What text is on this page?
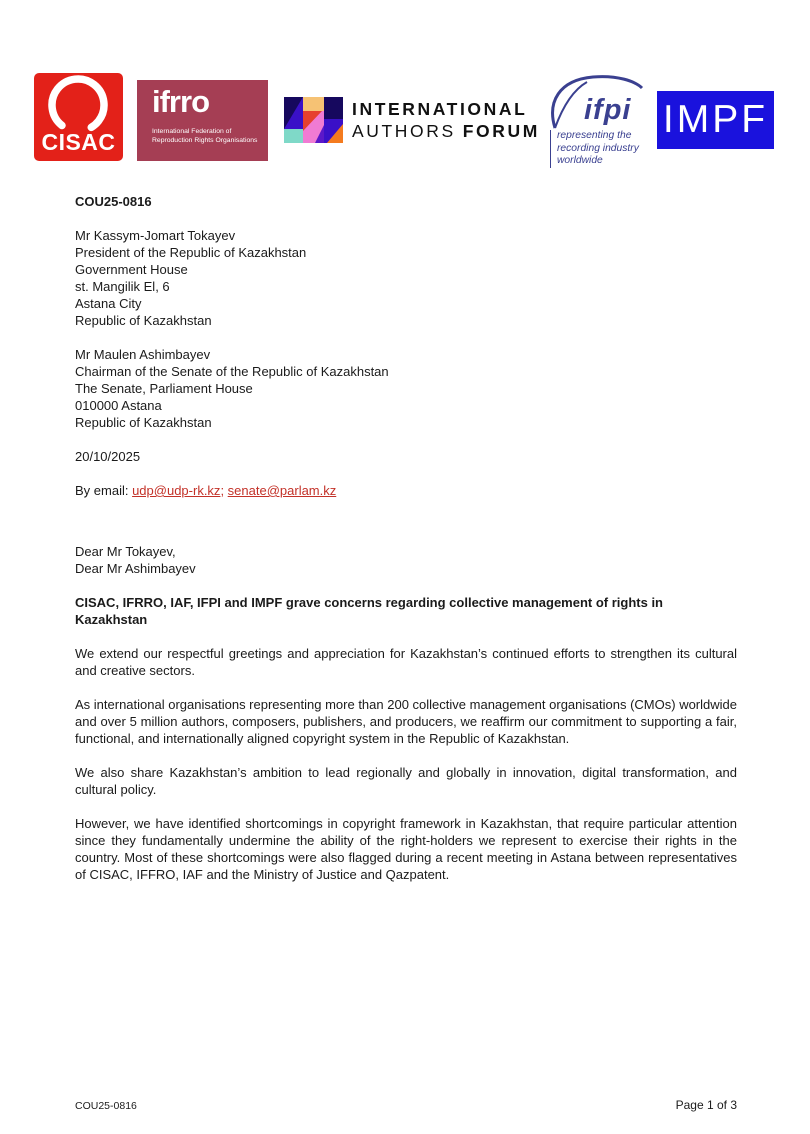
CISAC
ifrro
International Federation of
Reproduction Rights Organisations
INTERNATIONAL
AUTHORS FORUM
ifpi
representing the
recording industry
worldwide
IMPF
COU25-0816
Mr Kassym-Jomart Tokayev
President of the Republic of Kazakhstan
Government House
st. Mangilik El, 6
Astana City
Republic of Kazakhstan
Mr Maulen Ashimbayev
Chairman of the Senate of the Republic of Kazakhstan
The Senate, Parliament House
010000 Astana
Republic of Kazakhstan
20/10/2025
By email: udp@udp-rk.kz; senate@parlam.kz
Dear Mr Tokayev,
Dear Mr Ashimbayev
CISAC, IFRRO, IAF, IFPI and IMPF grave concerns regarding collective management of rights in Kazakhstan

We extend our respectful greetings and appreciation for Kazakhstan’s continued efforts to strengthen its cultural and creative sectors.

As international organisations representing more than 200 collective management organisations (CMOs) worldwide and over 5 million authors, composers, publishers, and producers, we reaffirm our commitment to supporting a fair, functional, and internationally aligned copyright system in the Republic of Kazakhstan.

We also share Kazakhstan’s ambition to lead regionally and globally in innovation, digital transformation, and cultural policy.

However, we have identified shortcomings in copyright framework in Kazakhstan, that require particular attention since they fundamentally undermine the ability of the right-holders we represent to exercise their rights in the country. Most of these shortcomings were also flagged during a recent meeting in Astana between representatives of CISAC, IFFRO, IAF and the Ministry of Justice and Qazpatent.

COU25-0816	Page 1 of 3
